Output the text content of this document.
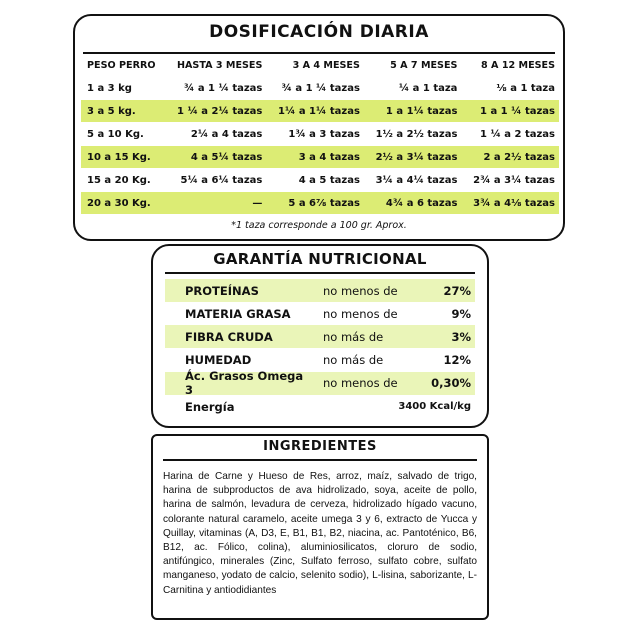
DOSIFICACIÓN DIARIA
PESO PERRO	HASTA 3 MESES	3 A 4 MESES	5 A 7 MESES	8 A 12 MESES
1 a 3 kg	¾ a 1 ¼ tazas	¾ a 1 ¼ tazas	¼ a 1 taza	⅛ a 1 taza
3 a 5 kg.	1 ¼ a 2¼ tazas	1¼ a 1¼ tazas	1 a 1¼ tazas	1 a 1 ¼ tazas
5 a 10 Kg.	2¼ a 4 tazas	1¾ a 3 tazas	1½ a 2½ tazas	1 ¼ a 2 tazas
10 a 15 Kg.	4 a 5¼ tazas	3 a 4 tazas	2½ a 3¼ tazas	2 a 2½ tazas
15 a 20 Kg.	5¼ a 6¼ tazas	4 a 5 tazas	3¼ a 4¼ tazas	2¾ a 3¼ tazas
20 a 30 Kg.	—	5 a 6⅞ tazas	4¾ a 6 tazas	3¾ a 4⅛ tazas
*1 taza corresponde a 100 gr. Aprox.
GARANTÍA NUTRICIONAL
PROTEÍNAS	no menos de	27%
MATERIA GRASA	no menos de	9%
FIBRA CRUDA	no más de	3%
HUMEDAD	no más de	12%
Ác. Grasos Omega 3	no menos de	0,30%
Energía	3400 Kcal/kg
INGREDIENTES
Harina de Carne y Hueso de Res, arroz, maíz, salvado de trigo, harina de subproductos de ava hidrolizado, soya, aceite de pollo, harina de salmón, levadura de cerveza, hidrolizado hígado vacuno, colorante natural caramelo, aceite umega 3 y 6, extracto de Yucca y Quillay, vitaminas (A, D3, E, B1, B1, B2, niacina, ac. Pantoténico, B6, B12, ac. Fólico, colina), aluminiosilicatos, cloruro de sodio, antifúngico, minerales (Zinc, Sulfato ferroso, sulfato cobre, sulfato manganeso, yodato de calcio, selenito sodio), L-lisina, saborizante, L-Carnitina y antiodidiantes
